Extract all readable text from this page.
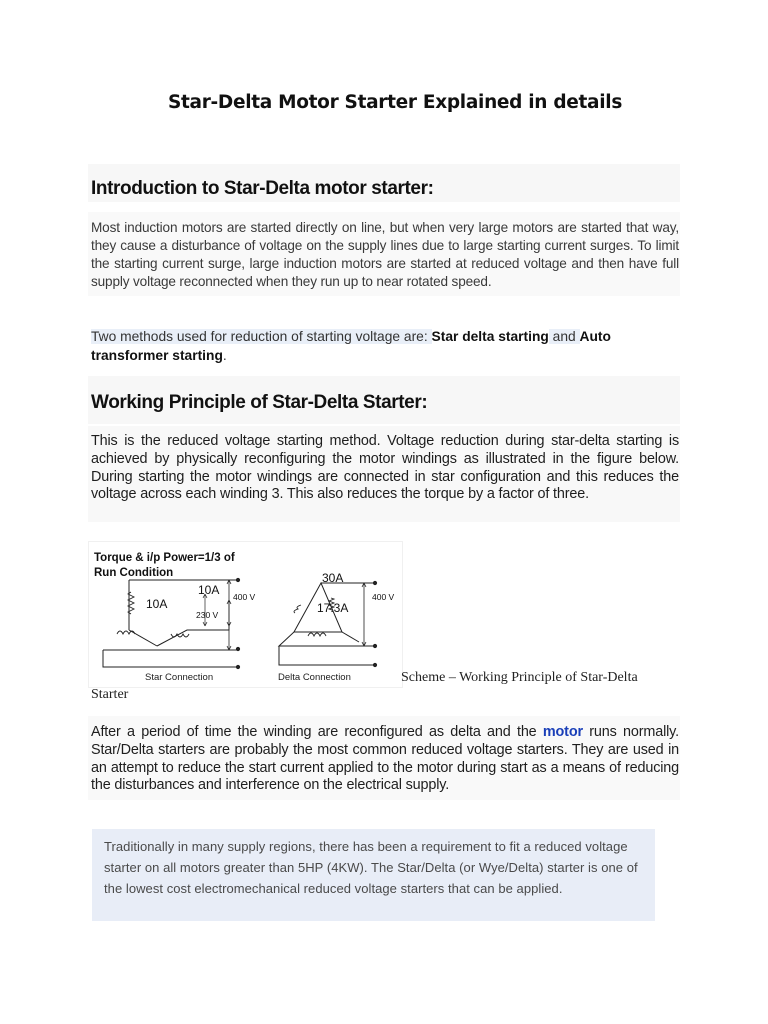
Star-Delta Motor Starter Explained in details
Introduction to Star-Delta motor starter:

Most induction motors are started directly on line, but when very large motors are started that way, they cause a disturbance of voltage on the supply lines due to large starting current surges. To limit the starting current surge, large induction motors are started at reduced voltage and then have full supply voltage reconnected when they run up to near rotated speed.

Two methods used for reduction of starting voltage are: Star delta starting and Auto transformer starting.

Working Principle of Star-Delta Starter:

This is the reduced voltage starting method. Voltage reduction during star-delta starting is achieved by physically reconfiguring the motor windings as illustrated in the figure below. During starting the motor windings are connected in star configuration and this reduces the voltage across each winding 3. This also reduces the torque by a factor of three.

Torque & i/p Power=1/3 of
Run Condition
10A
10A	400 V
230 V
Star Connection
30A
17.3A
400 V
Delta Connection	Scheme – Working Principle of Star-Delta
Starter

After a period of time the winding are reconfigured as delta and the motor runs normally. Star/Delta starters are probably the most common reduced voltage starters. They are used in an attempt to reduce the start current applied to the motor during start as a means of reducing the disturbances and interference on the electrical supply.

Traditionally in many supply regions, there has been a requirement to fit a reduced voltage starter on all motors greater than 5HP (4KW). The Star/Delta (or Wye/Delta) starter is one of the lowest cost electromechanical reduced voltage starters that can be applied.
